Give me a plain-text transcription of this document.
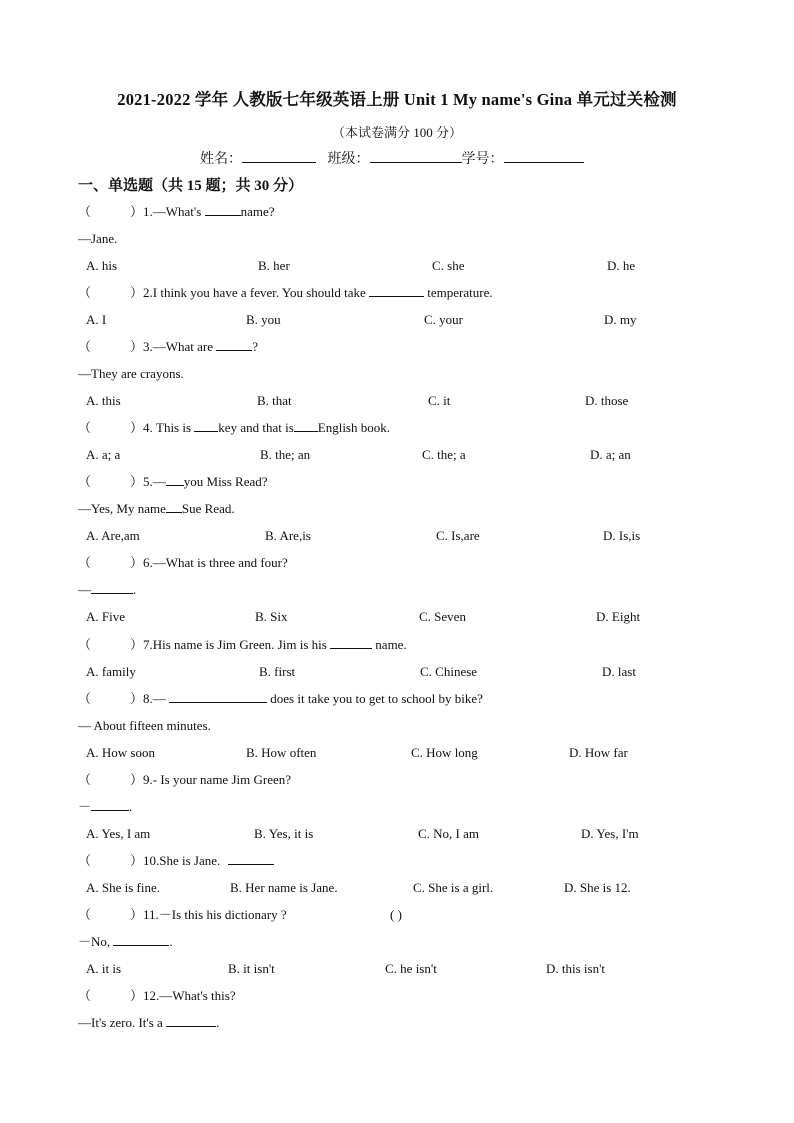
2021-2022 学年 人教版七年级英语上册 Unit 1 My name's Gina 单元过关检测
（本试卷满分 100 分）
姓名：	班级：	学号：
一、单选题（共 15 题；共 30 分）
（　　　）1.—What's	name?
—Jane.
A. his	B. her	C. she	D. he
（　　　）2.I think you have a fever. You should take	temperature.
A. I	B. you	C. your	D. my
（　　　）3.—What are	?
—They are crayons.
A. this	B. that	C. it	D. those
（　　　）4. This is key and that is English book.
A. a; a	B. the; an	C. the; a	D. a; an
（　　　）5.— you Miss Read?
—Yes, My name Sue Read.
A. Are,am	B. Are,is	C. Is,are	D. Is,is
（　　　）6.—What is three and four?
—	.
A. Five	B. Six	C. Seven	D. Eight
（　　　）7.His name is Jim Green. Jim is his	name.
A. family	B. first	C. Chinese	D. last
（　　　）8.—	does it take you to get to school by bike?
— About fifteen minutes.
A. How soon	B. How often	C. How long	D. How far
（　　　）9.- Is your name Jim Green?
－	.
A. Yes, I am	B. Yes, it is	C. No, I am	D. Yes, I'm
（　　　）10.She is Jane.
A. She is fine.	B. Her name is Jane.	C. She is a girl.	D. She is 12.
（　　　）11.－Is this his dictionary ?	( )
－No,	.
A. it is	B. it isn't	C. he isn't	D. this isn't
（　　　）12.—What's this?
—It's zero. It's a	.
